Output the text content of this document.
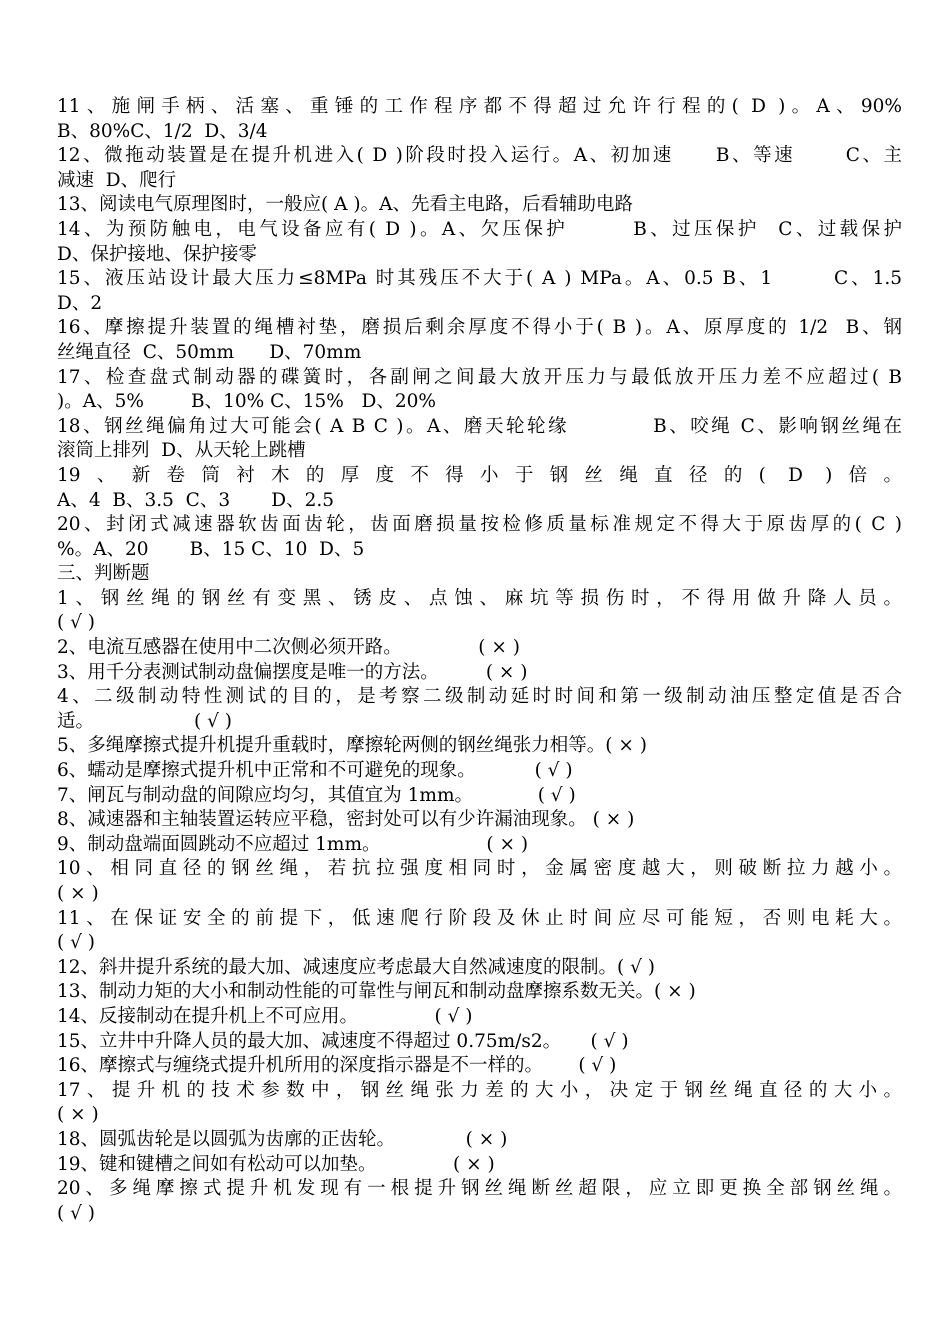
11、施闸手柄、活塞、重锤的工作程序都不得超过允许行程的( D )。A、90%
B、80%C、1/2  D、3/4
12、微拖动装置是在提升机进入( D )阶段时投入运行。A、初加速     B、等速      C、主
减速  D、爬行
13、阅读电气原理图时，一般应( A )。A、先看主电路，后看辅助电路
14、为预防触电，电气设备应有( D )。A、欠压保护       B、过压保护  C、过载保护
D、保护接地、保护接零
15、液压站设计最大压力≤8MPa 时其残压不大于( A ) MPa。A、0.5 B、1       C、1.5
D、2
16、摩擦提升装置的绳槽衬垫，磨损后剩余厚度不得小于( B )。A、原厚度的 1/2  B、钢
丝绳直径  C、50mm      D、70mm
17、检查盘式制动器的碟簧时，各副闸之间最大放开压力与最低放开压力差不应超过( B
)。A、5%        B、10% C、15%   D、20%
18、钢丝绳偏角过大可能会( A B C )。A、磨天轮轮缘          B、咬绳 C、影响钢丝绳在
滚筒上排列  D、从天轮上跳槽
19、新卷筒衬木的厚度不得小于钢丝绳直径的( D )倍。
A、4  B、3.5  C、3       D、2.5
20、封闭式减速器软齿面齿轮，齿面磨损量按检修质量标准规定不得大于原齿厚的( C )
%。A、20       B、15 C、10  D、5
三、判断题
1、钢丝绳的钢丝有变黑、锈皮、点蚀、麻坑等损伤时，不得用做升降人员。
( √ )
2、电流互感器在使用中二次侧必须开路。             ( × )
3、用千分表测试制动盘偏摆度是唯一的方法。        ( × )
4、二级制动特性测试的目的，是考察二级制动延时时间和第一级制动油压整定值是否合
适。                 ( √ )
5、多绳摩擦式提升机提升重载时，摩擦轮两侧的钢丝绳张力相等。( × )
6、蠕动是摩擦式提升机中正常和不可避免的现象。          ( √ )
7、闸瓦与制动盘的间隙应均匀，其值宜为 1mm。           ( √ )
8、减速器和主轴装置运转应平稳，密封处可以有少许漏油现象。 ( × )
9、制动盘端面圆跳动不应超过 1mm。                  ( × )
10、相同直径的钢丝绳，若抗拉强度相同时，金属密度越大，则破断拉力越小。
( × )
11、在保证安全的前提下，低速爬行阶段及休止时间应尽可能短，否则电耗大。
( √ )
12、斜井提升系统的最大加、减速度应考虑最大自然减速度的限制。( √ )
13、制动力矩的大小和制动性能的可靠性与闸瓦和制动盘摩擦系数无关。( × )
14、反接制动在提升机上不可应用。             ( √ )
15、立井中升降人员的最大加、减速度不得超过 0.75m/s2。     ( √ )
16、摩擦式与缠绕式提升机所用的深度指示器是不一样的。      ( √ )
17、提升机的技术参数中，钢丝绳张力差的大小，决定于钢丝绳直径的大小。
( × )
18、圆弧齿轮是以圆弧为齿廓的正齿轮。            ( × )
19、键和键槽之间如有松动可以加垫。             ( × )
20、多绳摩擦式提升机发现有一根提升钢丝绳断丝超限，应立即更换全部钢丝绳。
( √ )
